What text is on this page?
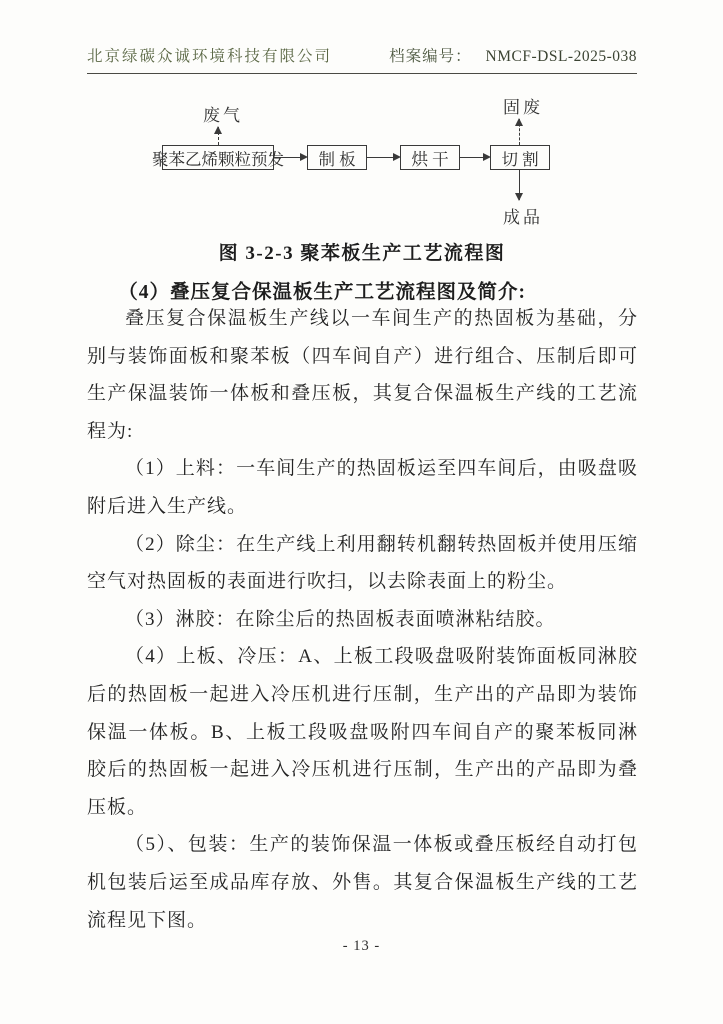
北京绿碳众诚环境科技有限公司	档案编号： NMCF-DSL-2025-038
废气
聚苯乙烯颗粒预发	制 板	烘 干	切 割
固废
成品
图 3-2-3 聚苯板生产工艺流程图
（4）叠压复合保温板生产工艺流程图及简介:

叠压复合保温板生产线以一车间生产的热固板为基础，分别与装饰面板和聚苯板（四车间自产）进行组合、压制后即可生产保温装饰一体板和叠压板，其复合保温板生产线的工艺流程为:

（1）上料：一车间生产的热固板运至四车间后，由吸盘吸附后进入生产线。

（2）除尘：在生产线上利用翻转机翻转热固板并使用压缩空气对热固板的表面进行吹扫，以去除表面上的粉尘。

（3）淋胶：在除尘后的热固板表面喷淋粘结胶。

（4）上板、冷压：A、上板工段吸盘吸附装饰面板同淋胶后的热固板一起进入冷压机进行压制，生产出的产品即为装饰保温一体板。B、上板工段吸盘吸附四车间自产的聚苯板同淋胶后的热固板一起进入冷压机进行压制，生产出的产品即为叠压板。

（5）、包装：生产的装饰保温一体板或叠压板经自动打包机包装后运至成品库存放、外售。其复合保温板生产线的工艺流程见下图。

- 13 -
